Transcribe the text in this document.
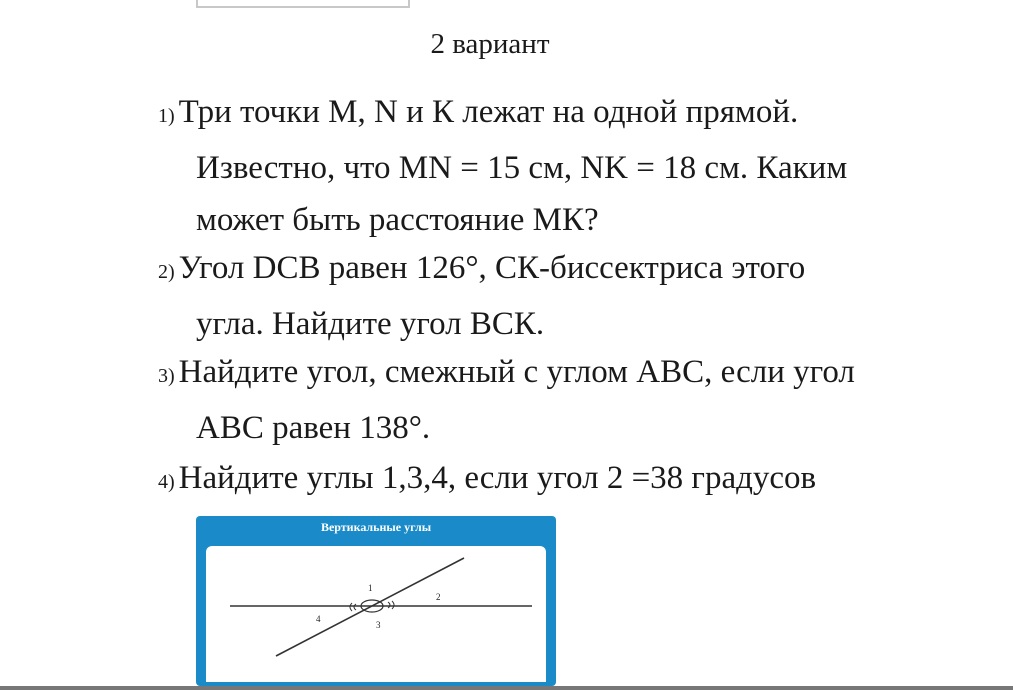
2 вариант
1) Три точки M, N и К лежат на одной прямой.
Известно, что MN = 15 см, NK = 18 см. Каким
может быть расстояние МК?
2) Угол DCB равен 126°, СК-биссектриса этого
угла. Найдите угол ВСК.
3) Найдите угол, смежный с углом АВС, если угол
АВС равен 138°.
4) Найдите углы 1,3,4, если угол 2 =38 градусов
Вертикальные углы
1
2
3
4
